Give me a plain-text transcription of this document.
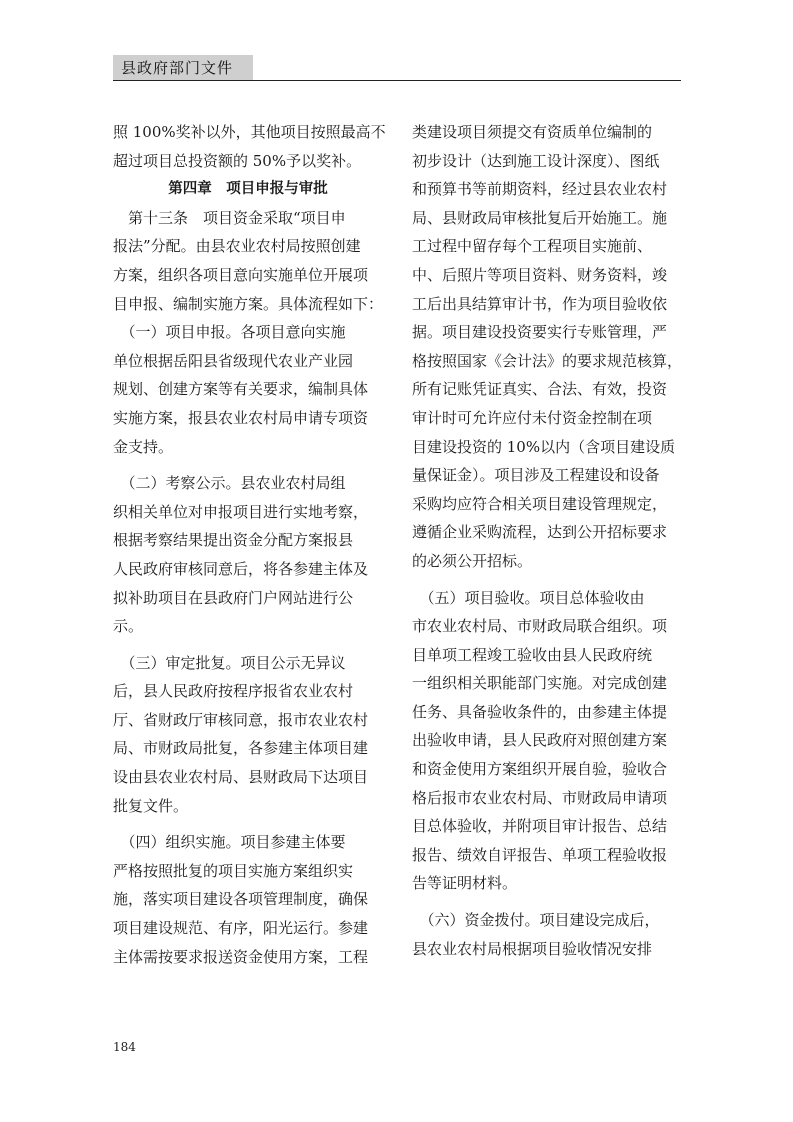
县政府部门文件
照 100%奖补以外，其他项目按照最高不
超过项目总投资额的 50%予以奖补。
第四章　项目申报与审批
　第十三条　项目资金采取“项目申
报法”分配。由县农业农村局按照创建
方案，组织各项目意向实施单位开展项
目申报、编制实施方案。具体流程如下：
　（一）项目申报。各项目意向实施
单位根据岳阳县省级现代农业产业园
规划、创建方案等有关要求，编制具体
实施方案，报县农业农村局申请专项资
金支持。
　（二）考察公示。县农业农村局组
织相关单位对申报项目进行实地考察，
根据考察结果提出资金分配方案报县
人民政府审核同意后，将各参建主体及
拟补助项目在县政府门户网站进行公
示。
　（三）审定批复。项目公示无异议
后，县人民政府按程序报省农业农村
厅、省财政厅审核同意，报市农业农村
局、市财政局批复，各参建主体项目建
设由县农业农村局、县财政局下达项目
批复文件。
　（四）组织实施。项目参建主体要
严格按照批复的项目实施方案组织实
施，落实项目建设各项管理制度，确保
项目建设规范、有序，阳光运行。参建
主体需按要求报送资金使用方案，工程
类建设项目须提交有资质单位编制的
初步设计（达到施工设计深度）、图纸
和预算书等前期资料，经过县农业农村
局、县财政局审核批复后开始施工。施
工过程中留存每个工程项目实施前、
中、后照片等项目资料、财务资料，竣
工后出具结算审计书，作为项目验收依
据。项目建设投资要实行专账管理，严
格按照国家《会计法》的要求规范核算，
所有记账凭证真实、合法、有效，投资
审计时可允许应付未付资金控制在项
目建设投资的 10%以内（含项目建设质
量保证金）。项目涉及工程建设和设备
采购均应符合相关项目建设管理规定，
遵循企业采购流程，达到公开招标要求
的必须公开招标。
　（五）项目验收。项目总体验收由
市农业农村局、市财政局联合组织。项
目单项工程竣工验收由县人民政府统
一组织相关职能部门实施。对完成创建
任务、具备验收条件的，由参建主体提
出验收申请，县人民政府对照创建方案
和资金使用方案组织开展自验，验收合
格后报市农业农村局、市财政局申请项
目总体验收，并附项目审计报告、总结
报告、绩效自评报告、单项工程验收报
告等证明材料。
　（六）资金拨付。项目建设完成后，
县农业农村局根据项目验收情况安排
184
